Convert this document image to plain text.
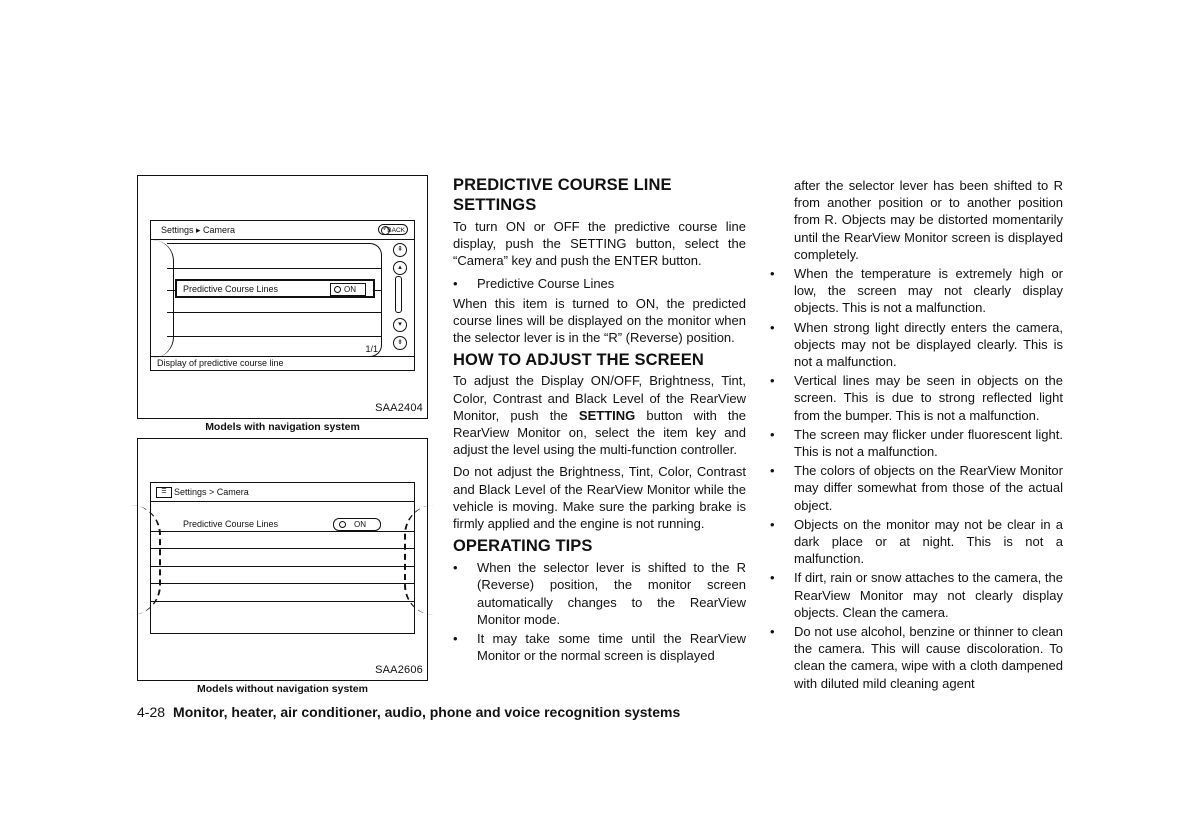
Settings ▸ Camera	↶ BACK
Predictive Course Lines	ON
⇞
▴
▾
⇟
1/1
Display of predictive course line
SAA2404
Models with navigation system
☰ Settings > Camera
Predictive Course Lines	ON
SAA2606
Models without navigation system
PREDICTIVE COURSE LINE SETTINGS

To turn ON or OFF the predictive course line display, push the SETTING button, select the “Camera” key and push the ENTER button.

• Predictive Course Lines

When this item is turned to ON, the predicted course lines will be displayed on the monitor when the selector lever is in the “R” (Reverse) position.

HOW TO ADJUST THE SCREEN

To adjust the Display ON/OFF, Brightness, Tint, Color, Contrast and Black Level of the RearView Monitor, push the SETTING button with the RearView Monitor on, select the item key and adjust the level using the multi-function controller.

Do not adjust the Brightness, Tint, Color, Contrast and Black Level of the RearView Monitor while the vehicle is moving. Make sure the parking brake is firmly applied and the engine is not running.

OPERATING TIPS
• When the selector lever is shifted to the R (Reverse) position, the monitor screen automatically changes to the RearView Monitor mode.
• It may take some time until the RearView Monitor or the normal screen is displayed

after the selector lever has been shifted to R from another position or to another position from R. Objects may be distorted momentarily until the RearView Monitor screen is displayed completely.

• When the temperature is extremely high or low, the screen may not clearly display objects. This is not a malfunction.
• When strong light directly enters the camera, objects may not be displayed clearly. This is not a malfunction.
• Vertical lines may be seen in objects on the screen. This is due to strong reflected light from the bumper. This is not a malfunction.
• The screen may flicker under fluorescent light. This is not a malfunction.
• The colors of objects on the RearView Monitor may differ somewhat from those of the actual object.
• Objects on the monitor may not be clear in a dark place or at night. This is not a malfunction.
• If dirt, rain or snow attaches to the camera, the RearView Monitor may not clearly display objects. Clean the camera.
• Do not use alcohol, benzine or thinner to clean the camera. This will cause discoloration. To clean the camera, wipe with a cloth dampened with diluted mild cleaning agent
4-28 Monitor, heater, air conditioner, audio, phone and voice recognition systems
